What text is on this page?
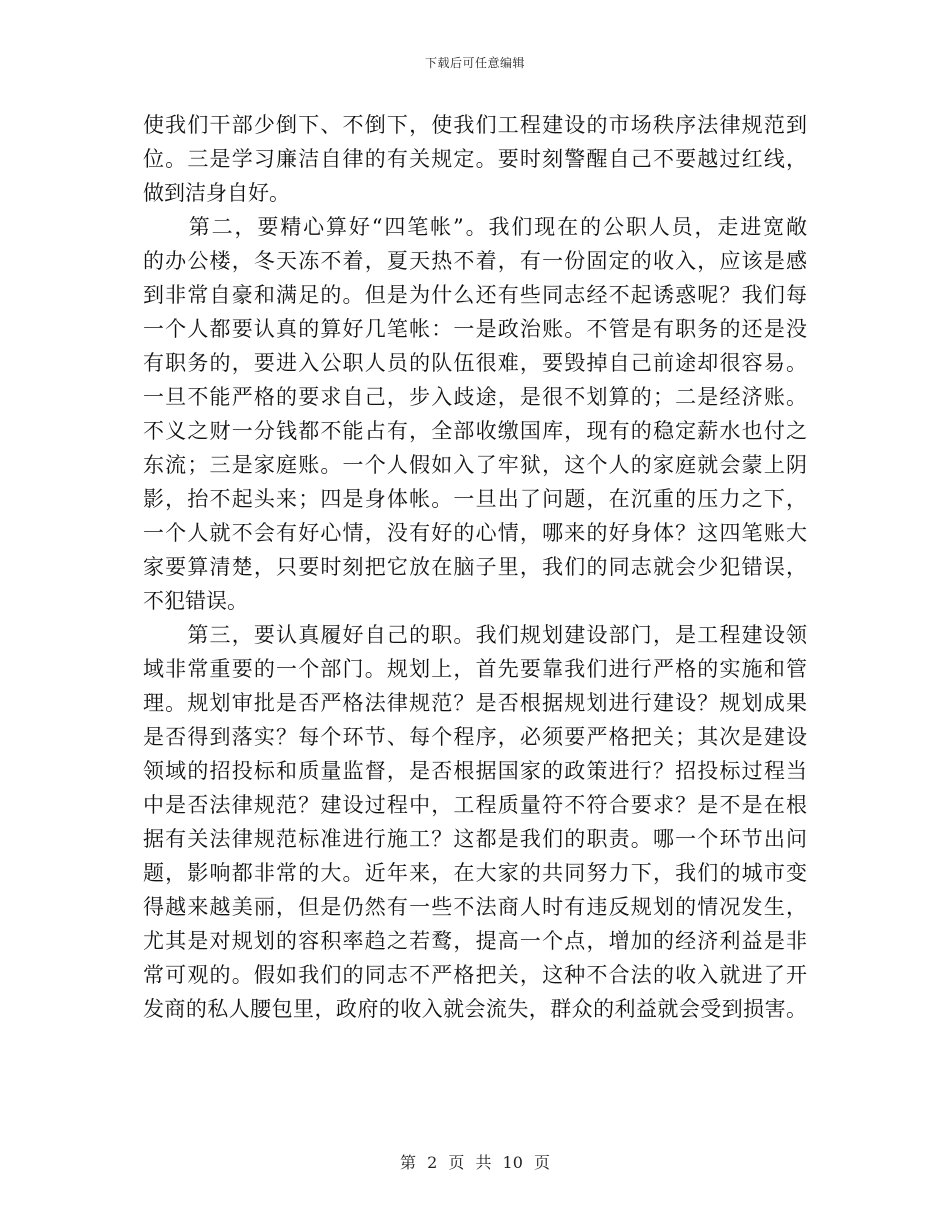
下载后可任意编辑
使我们干部少倒下、不倒下，使我们工程建设的市场秩序法律规范到
位。三是学习廉洁自律的有关规定。要时刻警醒自己不要越过红线，
做到洁身自好。
　　第二，要精心算好“四笔帐”。我们现在的公职人员，走进宽敞
的办公楼，冬天冻不着，夏天热不着，有一份固定的收入，应该是感
到非常自豪和满足的。但是为什么还有些同志经不起诱惑呢？我们每
一个人都要认真的算好几笔帐：一是政治账。不管是有职务的还是没
有职务的，要进入公职人员的队伍很难，要毁掉自己前途却很容易。
一旦不能严格的要求自己，步入歧途，是很不划算的；二是经济账。
不义之财一分钱都不能占有，全部收缴国库，现有的稳定薪水也付之
东流；三是家庭账。一个人假如入了牢狱，这个人的家庭就会蒙上阴
影，抬不起头来；四是身体帐。一旦出了问题，在沉重的压力之下，
一个人就不会有好心情，没有好的心情，哪来的好身体？这四笔账大
家要算清楚，只要时刻把它放在脑子里，我们的同志就会少犯错误，
不犯错误。
　　第三，要认真履好自己的职。我们规划建设部门，是工程建设领
域非常重要的一个部门。规划上，首先要靠我们进行严格的实施和管
理。规划审批是否严格法律规范？是否根据规划进行建设？规划成果
是否得到落实？每个环节、每个程序，必须要严格把关；其次是建设
领域的招投标和质量监督，是否根据国家的政策进行？招投标过程当
中是否法律规范？建设过程中，工程质量符不符合要求？是不是在根
据有关法律规范标准进行施工？这都是我们的职责。哪一个环节出问
题，影响都非常的大。近年来，在大家的共同努力下，我们的城市变
得越来越美丽，但是仍然有一些不法商人时有违反规划的情况发生，
尤其是对规划的容积率趋之若鹜，提高一个点，增加的经济利益是非
常可观的。假如我们的同志不严格把关，这种不合法的收入就进了开
发商的私人腰包里，政府的收入就会流失，群众的利益就会受到损害。
第 2 页 共 10 页
